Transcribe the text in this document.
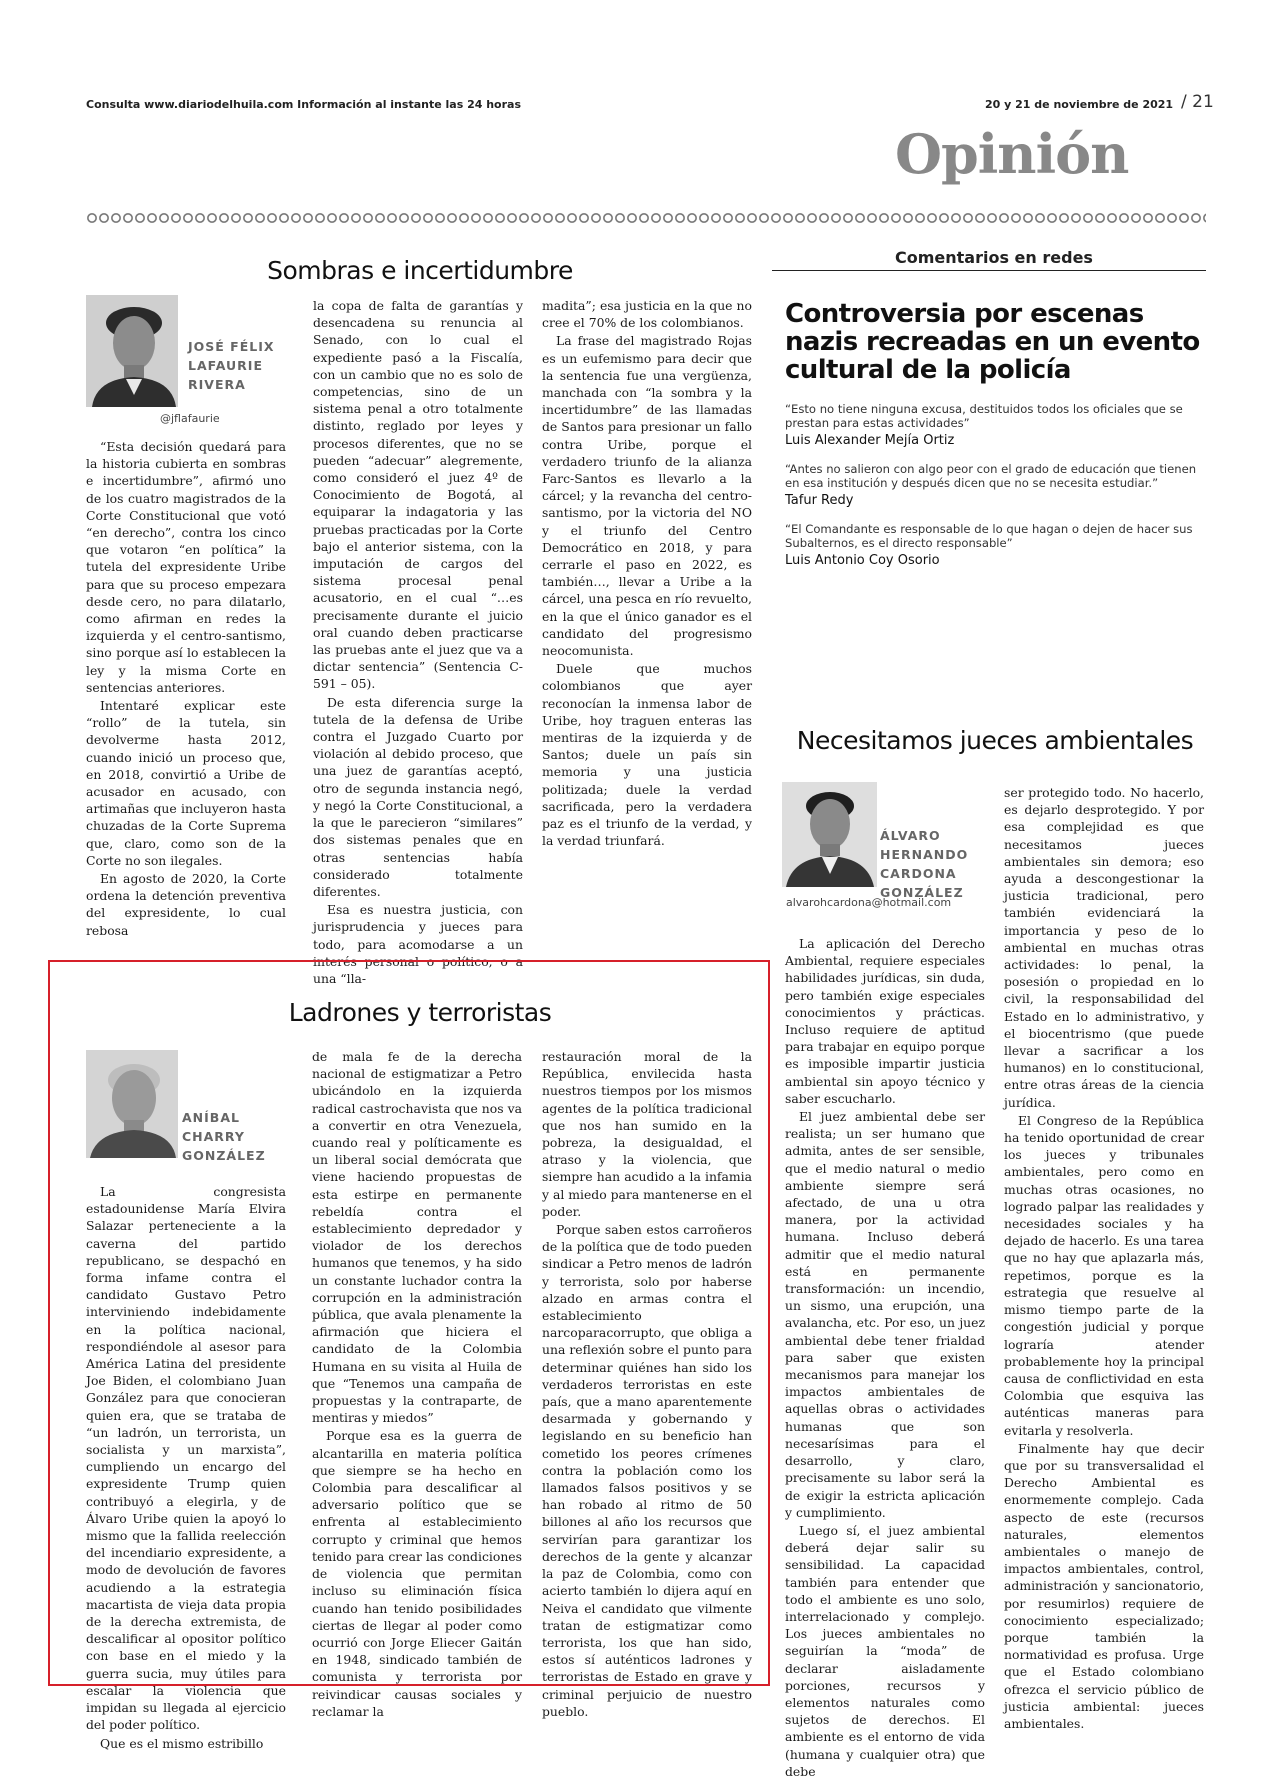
Consulta www.diariodelhuila.com Información al instante las 24 horas	20 y 21 de noviembre de 2021 / 21
Opinión
Sombras e incertidumbre
JOSÉ FÉLIX LAFAURIE RIVERA
@jflafaurie

“Esta decisión quedará para la historia cubierta en sombras e incertidumbre”, afirmó uno de los cuatro magistrados de la Corte Constitucional que votó “en derecho”, contra los cinco que votaron “en política” la tutela del expresidente Uribe para que su proceso empezara desde cero, no para dilatarlo, como afirman en redes la izquierda y el centro-santismo, sino porque así lo establecen la ley y la misma Corte en sentencias anteriores.

Intentaré explicar este “rollo” de la tutela, sin devolverme hasta 2012, cuando inició un proceso que, en 2018, convirtió a Uribe de acusador en acusado, con artimañas que incluyeron hasta chuzadas de la Corte Suprema que, claro, como son de la Corte no son ilegales.

En agosto de 2020, la Corte ordena la detención preventiva del expresidente, lo cual rebosa

la copa de falta de garantías y desencadena su renuncia al Senado, con lo cual el expediente pasó a la Fiscalía, con un cambio que no es solo de competencias, sino de un sistema penal a otro totalmente distinto, reglado por leyes y procesos diferentes, que no se pueden “adecuar” alegremente, como consideró el juez 4º de Conocimiento de Bogotá, al equiparar la indagatoria y las pruebas practicadas por la Corte bajo el anterior sistema, con la imputación de cargos del sistema procesal penal acusatorio, en el cual “…es precisamente durante el juicio oral cuando deben practicarse las pruebas ante el juez que va a dictar sentencia” (Sentencia C-591 – 05).

De esta diferencia surge la tutela de la defensa de Uribe contra el Juzgado Cuarto por violación al debido proceso, que una juez de garantías aceptó, otro de segunda instancia negó, y negó la Corte Constitucional, a la que le parecieron “similares” dos sistemas penales que en otras sentencias había considerado totalmente diferentes.

Esa es nuestra justicia, con jurisprudencia y jueces para todo, para acomodarse a un interés personal o político, o a una “lla-

madita”; esa justicia en la que no cree el 70% de los colombianos.

La frase del magistrado Rojas es un eufemismo para decir que la sentencia fue una vergüenza, manchada con “la sombra y la incertidumbre” de las llamadas de Santos para presionar un fallo contra Uribe, porque el verdadero triunfo de la alianza Farc-Santos es llevarlo a la cárcel; y la revancha del centro-santismo, por la victoria del NO y el triunfo del Centro Democrático en 2018, y para cerrarle el paso en 2022, es también…, llevar a Uribe a la cárcel, una pesca en río revuelto, en la que el único ganador es el candidato del progresismo neocomunista.

Duele que muchos colombianos que ayer reconocían la inmensa labor de Uribe, hoy traguen enteras las mentiras de la izquierda y de Santos; duele un país sin memoria y una justicia politizada; duele la verdad sacrificada, pero la verdadera paz es el triunfo de la verdad, y la verdad triunfará.

Comentarios en redes
Controversia por escenas nazis recreadas en un evento cultural de la policía
“Esto no tiene ninguna excusa, destituidos todos los oficiales que se prestan para estas actividades”
Luis Alexander Mejía Ortiz
“Antes no salieron con algo peor con el grado de educación que tienen en esa institución y después dicen que no se necesita estudiar.”
Tafur Redy
“El Comandante es responsable de lo que hagan o dejen de hacer sus Subalternos, es el directo responsable”
Luis Antonio Coy Osorio
Necesitamos jueces ambientales
ÁLVARO HERNANDO CARDONA GONZÁLEZ
alvarohcardona@hotmail.com

La aplicación del Derecho Ambiental, requiere especiales habilidades jurídicas, sin duda, pero también exige especiales conocimientos y prácticas. Incluso requiere de aptitud para trabajar en equipo porque es imposible impartir justicia ambiental sin apoyo técnico y saber escucharlo.

El juez ambiental debe ser realista; un ser humano que admita, antes de ser sensible, que el medio natural o medio ambiente siempre será afectado, de una u otra manera, por la actividad humana. Incluso deberá admitir que el medio natural está en permanente transformación: un incendio, un sismo, una erupción, una avalancha, etc. Por eso, un juez ambiental debe tener frialdad para saber que existen mecanismos para manejar los impactos ambientales de aquellas obras o actividades humanas que son necesarísimas para el desarrollo, y claro, precisamente su labor será la de exigir la estricta aplicación y cumplimiento.

Luego sí, el juez ambiental deberá dejar salir su sensibilidad. La capacidad también para entender que todo el ambiente es uno solo, interrelacionado y complejo. Los jueces ambientales no seguirían la “moda” de declarar aisladamente porciones, recursos y elementos naturales como sujetos de derechos. El ambiente es el entorno de vida (humana y cualquier otra) que debe

ser protegido todo. No hacerlo, es dejarlo desprotegido. Y por esa complejidad es que necesitamos jueces ambientales sin demora; eso ayuda a descongestionar la justicia tradicional, pero también evidenciará la importancia y peso de lo ambiental en muchas otras actividades: lo penal, la posesión o propiedad en lo civil, la responsabilidad del Estado en lo administrativo, y el biocentrismo (que puede llevar a sacrificar a los humanos) en lo constitucional, entre otras áreas de la ciencia jurídica.

El Congreso de la República ha tenido oportunidad de crear los jueces y tribunales ambientales, pero como en muchas otras ocasiones, no logrado palpar las realidades y necesidades sociales y ha dejado de hacerlo. Es una tarea que no hay que aplazarla más, repetimos, porque es la estrategia que resuelve al mismo tiempo parte de la congestión judicial y porque lograría atender probablemente hoy la principal causa de conflictividad en esta Colombia que esquiva las auténticas maneras para evitarla y resolverla.

Finalmente hay que decir que por su transversalidad el Derecho Ambiental es enormemente complejo. Cada aspecto de este (recursos naturales, elementos ambientales o manejo de impactos ambientales, control, administración y sancionatorio, por resumirlos) requiere de conocimiento especializado; porque también la normatividad es profusa. Urge que el Estado colombiano ofrezca el servicio público de justicia ambiental: jueces ambientales.

Ladrones y terroristas
ANÍBAL CHARRY GONZÁLEZ

La congresista estadounidense María Elvira Salazar perteneciente a la caverna del partido republicano, se despachó en forma infame contra el candidato Gustavo Petro interviniendo indebidamente en la política nacional, respondiéndole al asesor para América Latina del presidente Joe Biden, el colombiano Juan González para que conocieran quien era, que se trataba de “un ladrón, un terrorista, un socialista y un marxista”, cumpliendo un encargo del expresidente Trump quien contribuyó a elegirla, y de Álvaro Uribe quien la apoyó lo mismo que la fallida reelección del incendiario expresidente, a modo de devolución de favores acudiendo a la estrategia macartista de vieja data propia de la derecha extremista, de descalificar al opositor político con base en el miedo y la guerra sucia, muy útiles para escalar la violencia que impidan su llegada al ejercicio del poder político.

Que es el mismo estribillo

de mala fe de la derecha nacional de estigmatizar a Petro ubicándolo en la izquierda radical castrochavista que nos va a convertir en otra Venezuela, cuando real y políticamente es un liberal social demócrata que viene haciendo propuestas de esta estirpe en permanente rebeldía contra el establecimiento depredador y violador de los derechos humanos que tenemos, y ha sido un constante luchador contra la corrupción en la administración pública, que avala plenamente la afirmación que hiciera el candidato de la Colombia Humana en su visita al Huila de que “Tenemos una campaña de propuestas y la contraparte, de mentiras y miedos”

Porque esa es la guerra de alcantarilla en materia política que siempre se ha hecho en Colombia para descalificar al adversario político que se enfrenta al establecimiento corrupto y criminal que hemos tenido para crear las condiciones de violencia que permitan incluso su eliminación física cuando han tenido posibilidades ciertas de llegar al poder como ocurrió con Jorge Eliecer Gaitán en 1948, sindicado también de comunista y terrorista por reivindicar causas sociales y reclamar la

restauración moral de la República, envilecida hasta nuestros tiempos por los mismos agentes de la política tradicional que nos han sumido en la pobreza, la desigualdad, el atraso y la violencia, que siempre han acudido a la infamia y al miedo para mantenerse en el poder.

Porque saben estos carroñeros de la política que de todo pueden sindicar a Petro menos de ladrón y terrorista, solo por haberse alzado en armas contra el establecimiento narcoparacorrupto, que obliga a una reflexión sobre el punto para determinar quiénes han sido los verdaderos terroristas en este país, que a mano aparentemente desarmada y gobernando y legislando en su beneficio han cometido los peores crímenes contra la población como los llamados falsos positivos y se han robado al ritmo de 50 billones al año los recursos que servirían para garantizar los derechos de la gente y alcanzar la paz de Colombia, como con acierto también lo dijera aquí en Neiva el candidato que vilmente tratan de estigmatizar como terrorista, los que han sido, estos sí auténticos ladrones y terroristas de Estado en grave y criminal perjuicio de nuestro pueblo.
